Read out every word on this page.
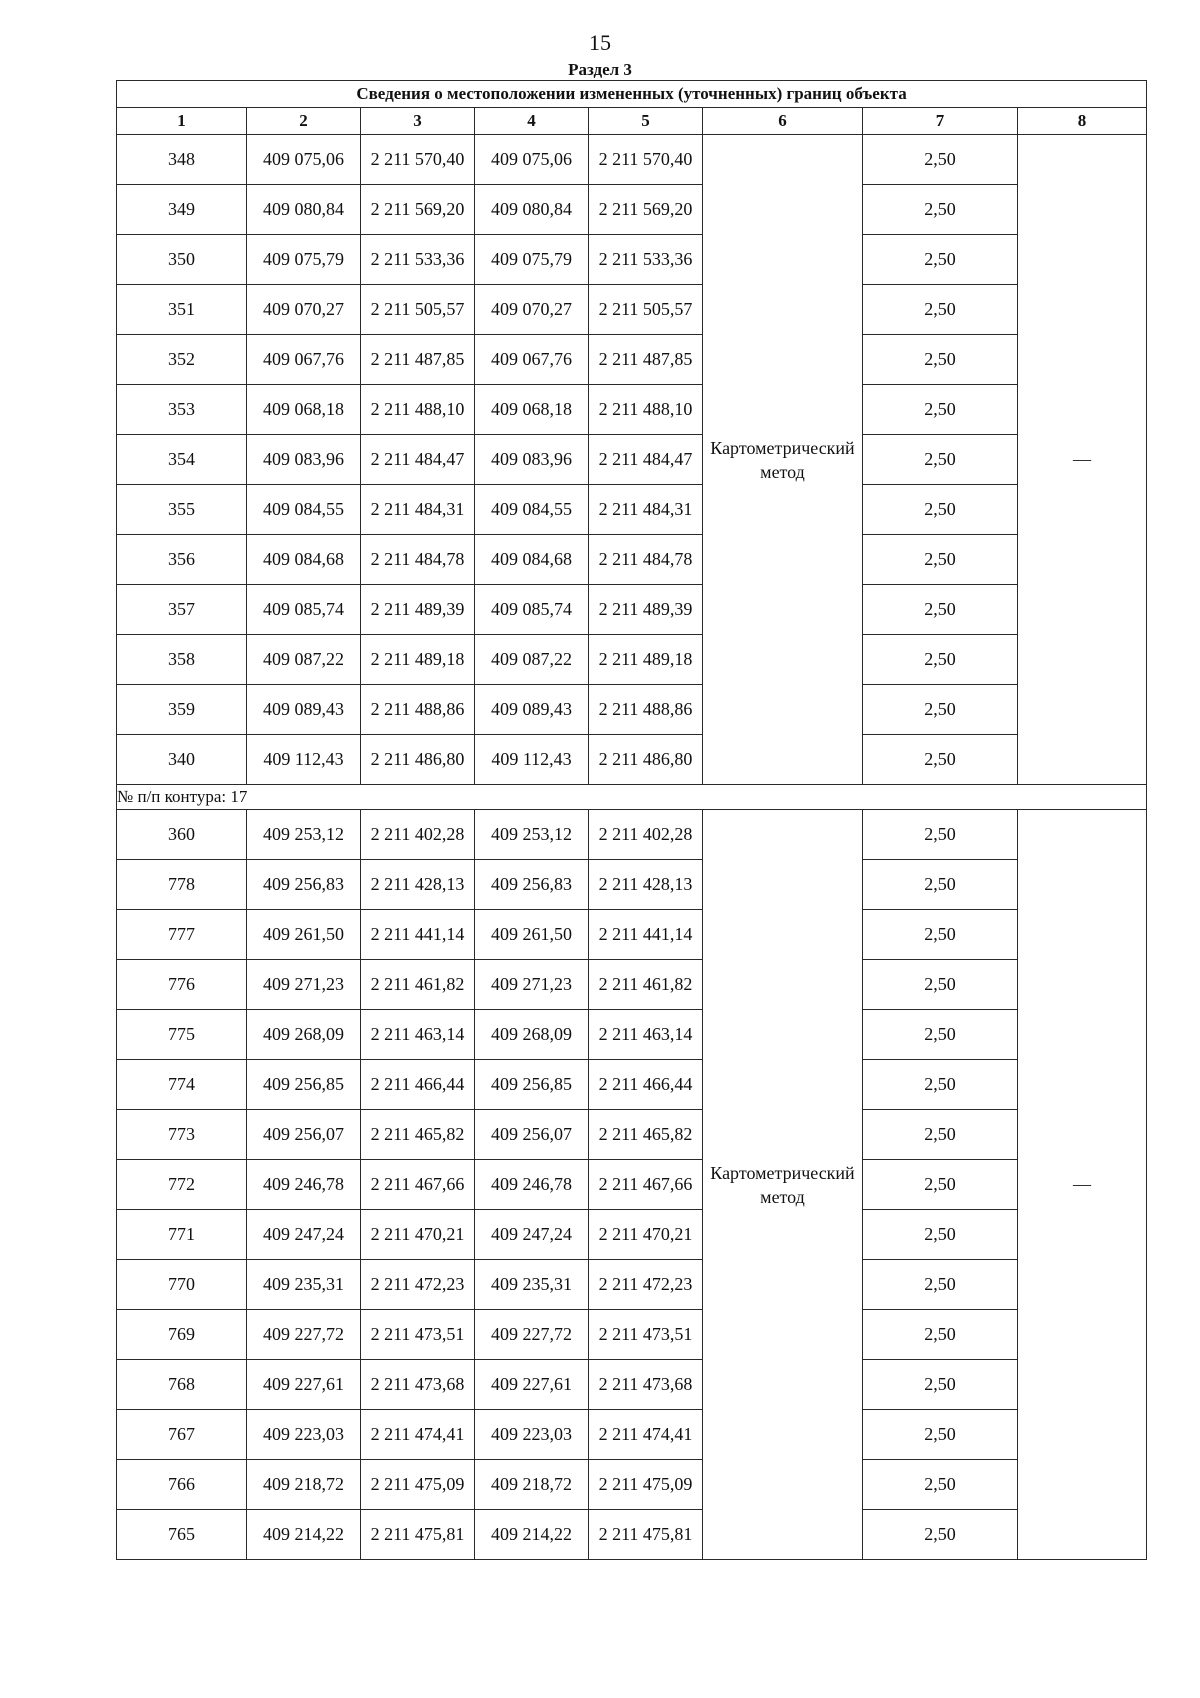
15
Раздел 3
Сведения о местоположении измененных (уточненных) границ объекта							
1	2	3	4	5	6	7	8
348	409 075,06	2 211 570,40	409 075,06	2 211 570,40	Картометрический метод	2,50	—
349	409 080,84	2 211 569,20	409 080,84	2 211 569,20		2,50	
350	409 075,79	2 211 533,36	409 075,79	2 211 533,36		2,50	
351	409 070,27	2 211 505,57	409 070,27	2 211 505,57		2,50	
352	409 067,76	2 211 487,85	409 067,76	2 211 487,85		2,50	
353	409 068,18	2 211 488,10	409 068,18	2 211 488,10		2,50	
354	409 083,96	2 211 484,47	409 083,96	2 211 484,47		2,50	
355	409 084,55	2 211 484,31	409 084,55	2 211 484,31		2,50	
356	409 084,68	2 211 484,78	409 084,68	2 211 484,78		2,50	
357	409 085,74	2 211 489,39	409 085,74	2 211 489,39		2,50	
358	409 087,22	2 211 489,18	409 087,22	2 211 489,18		2,50	
359	409 089,43	2 211 488,86	409 089,43	2 211 488,86		2,50	
340	409 112,43	2 211 486,80	409 112,43	2 211 486,80		2,50	
№ п/п контура: 17							
360	409 253,12	2 211 402,28	409 253,12	2 211 402,28	Картометрический метод	2,50	—
778	409 256,83	2 211 428,13	409 256,83	2 211 428,13		2,50	
777	409 261,50	2 211 441,14	409 261,50	2 211 441,14		2,50	
776	409 271,23	2 211 461,82	409 271,23	2 211 461,82		2,50	
775	409 268,09	2 211 463,14	409 268,09	2 211 463,14		2,50	
774	409 256,85	2 211 466,44	409 256,85	2 211 466,44		2,50	
773	409 256,07	2 211 465,82	409 256,07	2 211 465,82		2,50	
772	409 246,78	2 211 467,66	409 246,78	2 211 467,66		2,50	
771	409 247,24	2 211 470,21	409 247,24	2 211 470,21		2,50	
770	409 235,31	2 211 472,23	409 235,31	2 211 472,23		2,50	
769	409 227,72	2 211 473,51	409 227,72	2 211 473,51		2,50	
768	409 227,61	2 211 473,68	409 227,61	2 211 473,68		2,50	
767	409 223,03	2 211 474,41	409 223,03	2 211 474,41		2,50	
766	409 218,72	2 211 475,09	409 218,72	2 211 475,09		2,50	
765	409 214,22	2 211 475,81	409 214,22	2 211 475,81		2,50	
